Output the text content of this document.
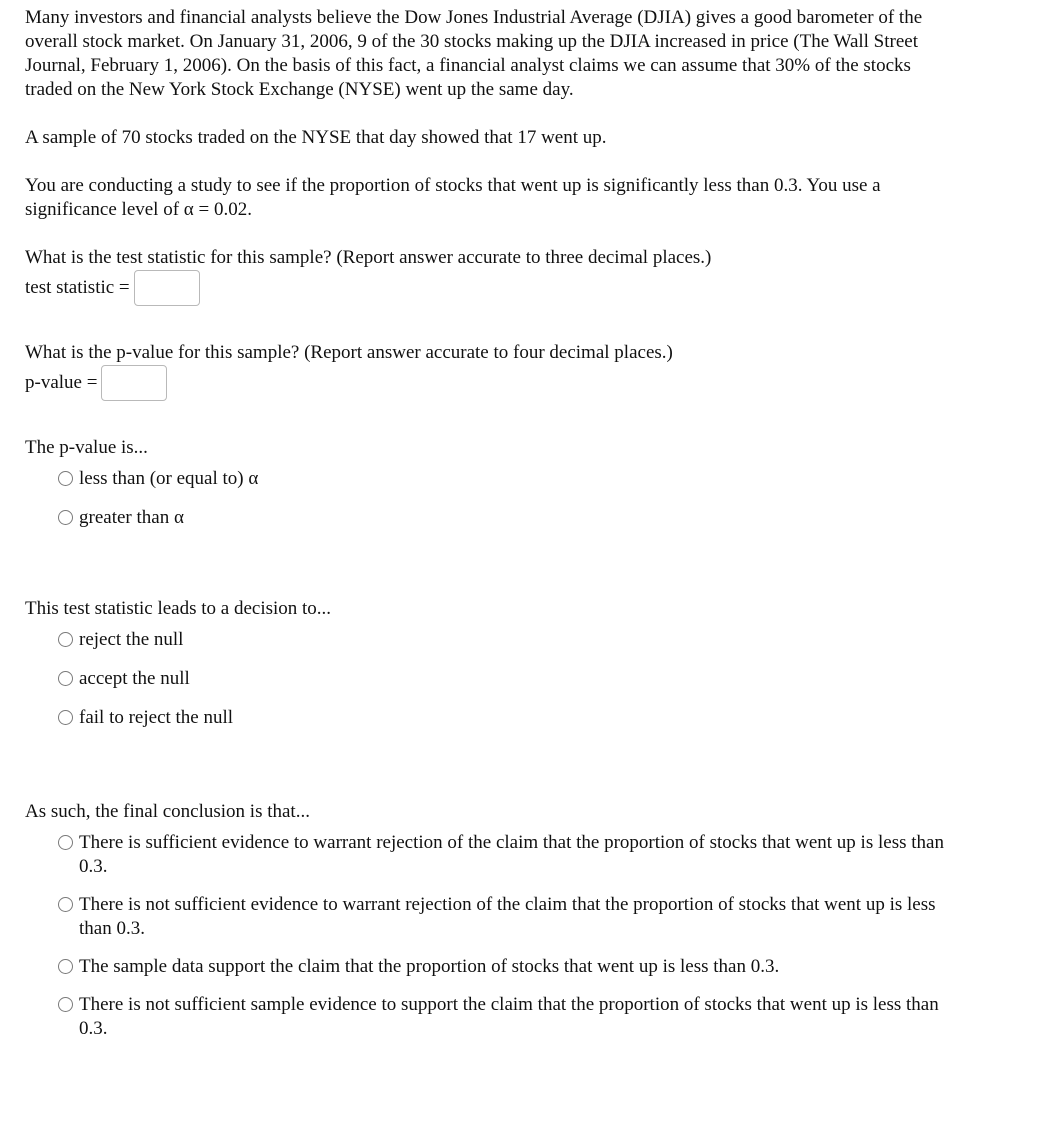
Many investors and financial analysts believe the Dow Jones Industrial Average (DJIA) gives a good barometer of the overall stock market. On January 31, 2006, 9 of the 30 stocks making up the DJIA increased in price (The Wall Street Journal, February 1, 2006). On the basis of this fact, a financial analyst claims we can assume that 30% of the stocks traded on the New York Stock Exchange (NYSE) went up the same day.

A sample of 70 stocks traded on the NYSE that day showed that 17 went up.

You are conducting a study to see if the proportion of stocks that went up is significantly less than 0.3. You use a significance level of α = 0.02.

What is the test statistic for this sample? (Report answer accurate to three decimal places.)

test statistic =

What is the p-value for this sample? (Report answer accurate to four decimal places.)

p-value =

The p-value is...

less than (or equal to) α
greater than α

This test statistic leads to a decision to...

reject the null
accept the null
fail to reject the null

As such, the final conclusion is that...

There is sufficient evidence to warrant rejection of the claim that the proportion of stocks that went up is less than 0.3.
There is not sufficient evidence to warrant rejection of the claim that the proportion of stocks that went up is less than 0.3.
The sample data support the claim that the proportion of stocks that went up is less than 0.3.
There is not sufficient sample evidence to support the claim that the proportion of stocks that went up is less than 0.3.
